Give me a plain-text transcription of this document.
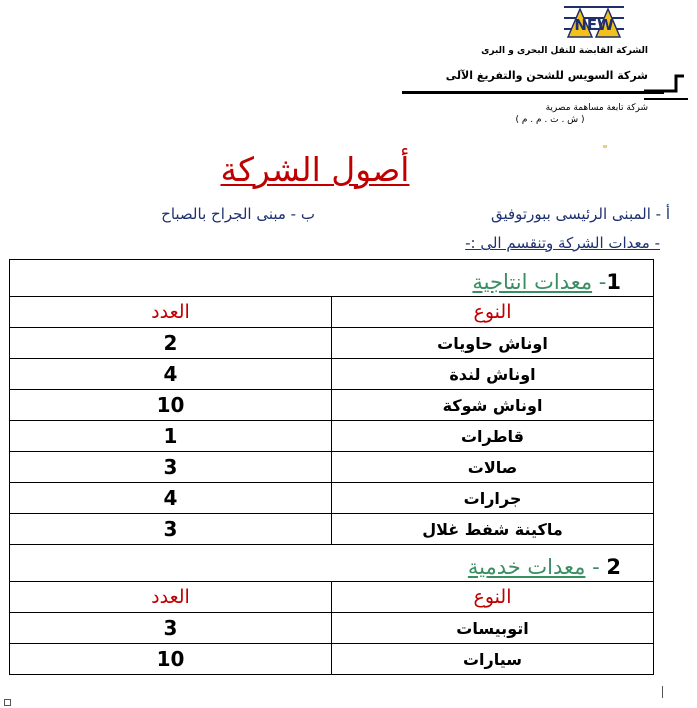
NEW
الشركة القابضة للنقل البحرى و البرى
شركة السويس للشحن والتفريغ الآلى
شركة تابعة مساهمة مصرية
( ش . ت . م . م )
أصول الشركة
أ - المبنى الرئيسى ببورتوفيق
ب - مبنى الجراح بالصباح
- معدات الشركة وتنقسم الى :-
1- معدات انتاجية	
العدد	النوع
2	اوناش حاويات
4	اوناش لندة
10	اوناش شوكة
1	قاطرات
3	صالات
4	جرارات
3	ماكينة شفط غلال
2 - معدات خدمية	
العدد	النوع
3	اتوبيسات
10	سيارات
